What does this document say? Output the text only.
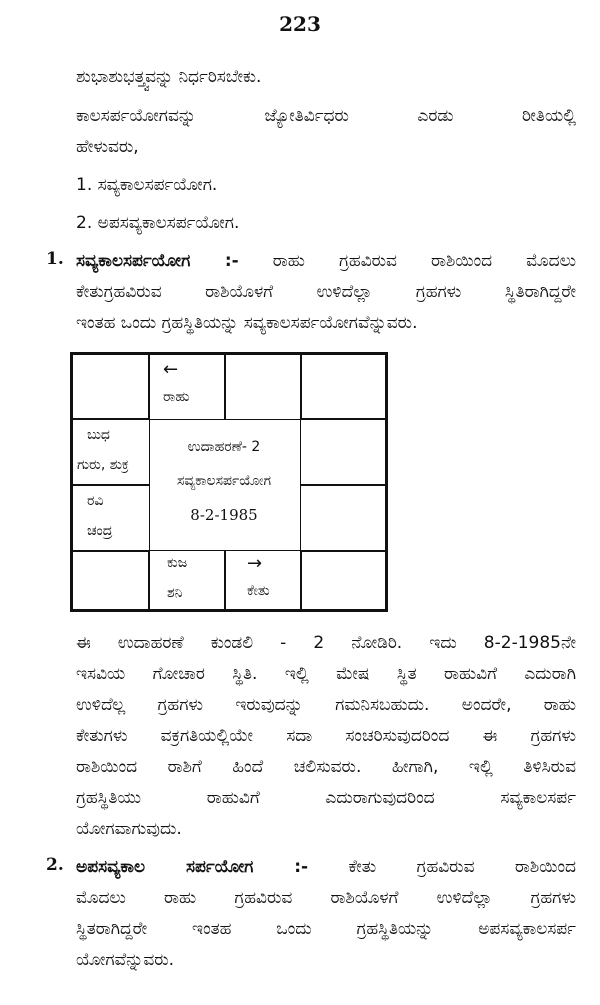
223
ಶುಭಾಶುಭತ್ತ್ವವನ್ನು ನಿರ್ಧರಿಸಬೇಕು.
ಕಾಲಸರ್ಪಯೋಗವನ್ನು ಜ್ಯೋತಿರ್ವಿಧರು ಎರಡು ರೀತಿಯಲ್ಲಿ
ಹೇಳುವರು,
1. ಸವ್ಯಕಾಲಸರ್ಪಯೋಗ.
2. ಅಪಸವ್ಯಕಾಲಸರ್ಪಯೋಗ.
1. ಸವ್ಯಕಾಲಸರ್ಪಯೋಗ :- ರಾಹು ಗ್ರಹವಿರುವ ರಾಶಿಯಿಂದ ಮೊದಲು
ಕೇತುಗ್ರಹವಿರುವ ರಾಶಿಯೊಳಗೆ ಉಳಿದೆಲ್ಲಾ ಗ್ರಹಗಳು ಸ್ಥಿತಿರಾಗಿದ್ದರೇ
ಇಂತಹ ಒಂದು ಗ್ರಹಸ್ಥಿತಿಯನ್ನು ಸವ್ಯಕಾಲಸರ್ಪಯೋಗವೆನ್ನುವರು.
←
ರಾಹು
ಬುಧ
ಗುರು, ಶುಕ್ರ
ರವಿ
ಚಂದ್ರ
ಕುಜ
ಶನಿ
→
ಕೇತು
ಉದಾಹರಣೆ- 2
ಸವ್ಯಕಾಲಸರ್ಪಯೋಗ
8-2-1985
ಈ ಉದಾಹರಣೆ ಕುಂಡಲಿ - 2 ನೋಡಿರಿ. ಇದು 8-2-1985ನೇ
ಇಸವಿಯ ಗೋಚಾರ ಸ್ಥಿತಿ. ಇಲ್ಲಿ ಮೇಷ ಸ್ಥಿತ ರಾಹುವಿಗೆ ಎದುರಾಗಿ
ಉಳಿದೆಲ್ಲ ಗ್ರಹಗಳು ಇರುವುದನ್ನು ಗಮನಿಸಬಹುದು. ಅಂದರೇ, ರಾಹು
ಕೇತುಗಳು ವಕ್ರಗತಿಯಲ್ಲಿಯೇ ಸದಾ ಸಂಚರಿಸುವುದರಿಂದ ಈ ಗ್ರಹಗಳು
ರಾಶಿಯಿಂದ ರಾಶಿಗೆ ಹಿಂದೆ ಚಲಿಸುವರು. ಹೀಗಾಗಿ, ಇಲ್ಲಿ ತಿಳಿಸಿರುವ
ಗ್ರಹಸ್ಥಿತಿಯು ರಾಹುವಿಗೆ ಎದುರಾಗುವುದರಿಂದ ಸವ್ಯಕಾಲಸರ್ಪ
ಯೋಗವಾಗುವುದು.
2. ಅಪಸವ್ಯಕಾಲ ಸರ್ಪಯೋಗ :- ಕೇತು ಗ್ರಹವಿರುವ ರಾಶಿಯಿಂದ
ಮೊದಲು ರಾಹು ಗ್ರಹವಿರುವ ರಾಶಿಯೊಳಗೆ ಉಳಿದೆಲ್ಲಾ ಗ್ರಹಗಳು
ಸ್ಥಿತರಾಗಿದ್ದರೇ ಇಂತಹ ಒಂದು ಗ್ರಹಸ್ಥಿತಿಯನ್ನು ಅಪಸವ್ಯಕಾಲಸರ್ಪ
ಯೋಗವೆನ್ನುವರು.
